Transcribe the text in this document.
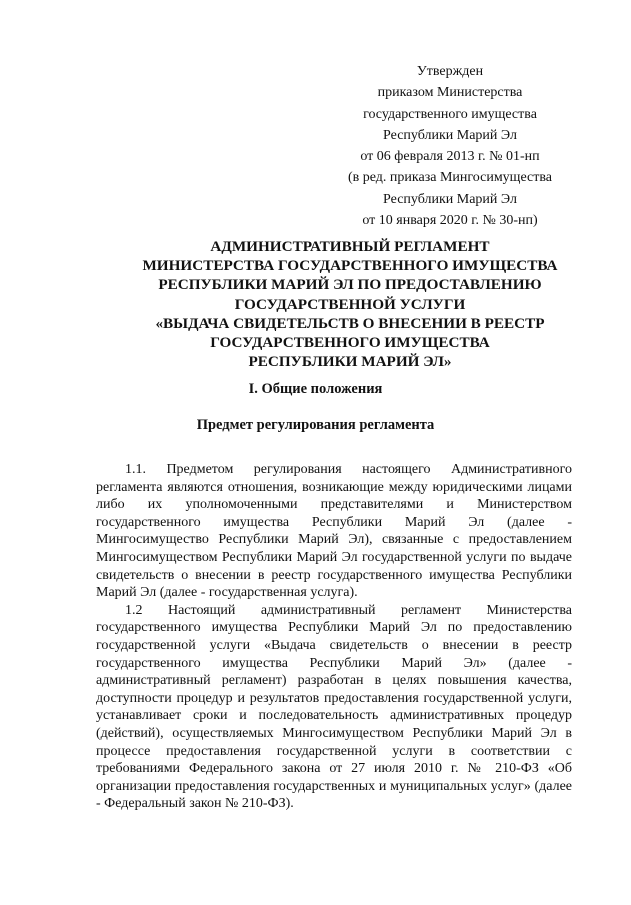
Утвержден
приказом Министерства
государственного имущества
Республики Марий Эл
от 06 февраля 2013 г. № 01-нп
(в ред. приказа Мингосимущества
Республики Марий Эл
от 10 января 2020 г. № 30-нп)
АДМИНИСТРАТИВНЫЙ РЕГЛАМЕНТ
МИНИСТЕРСТВА ГОСУДАРСТВЕННОГО ИМУЩЕСТВА
РЕСПУБЛИКИ МАРИЙ ЭЛ ПО ПРЕДОСТАВЛЕНИЮ
ГОСУДАРСТВЕННОЙ УСЛУГИ
«ВЫДАЧА СВИДЕТЕЛЬСТВ О ВНЕСЕНИИ В РЕЕСТР
ГОСУДАРСТВЕННОГО ИМУЩЕСТВА
РЕСПУБЛИКИ МАРИЙ ЭЛ»
I. Общие положения
Предмет регулирования регламента
1.1. Предметом регулирования настоящего Административного регламента являются отношения, возникающие между юридическими лицами либо их уполномоченными представителями и Министерством государственного имущества Республики Марий Эл (далее - Мингосимущество Республики Марий Эл), связанные с предоставлением Мингосимуществом Республики Марий Эл государственной услуги по выдаче свидетельств о внесении в реестр государственного имущества Республики Марий Эл (далее - государственная услуга).
1.2 Настоящий административный регламент Министерства государственного имущества Республики Марий Эл по предоставлению государственной услуги «Выдача свидетельств о внесении в реестр государственного имущества Республики Марий Эл» (далее - административный регламент) разработан в целях повышения качества, доступности процедур и результатов предоставления государственной услуги, устанавливает сроки и последовательность административных процедур (действий), осуществляемых Мингосимуществом Республики Марий Эл в процессе предоставления государственной услуги в соответствии с требованиями Федерального закона от 27 июля 2010 г. № 210-ФЗ «Об организации предоставления государственных и муниципальных услуг» (далее - Федеральный закон № 210-ФЗ).
